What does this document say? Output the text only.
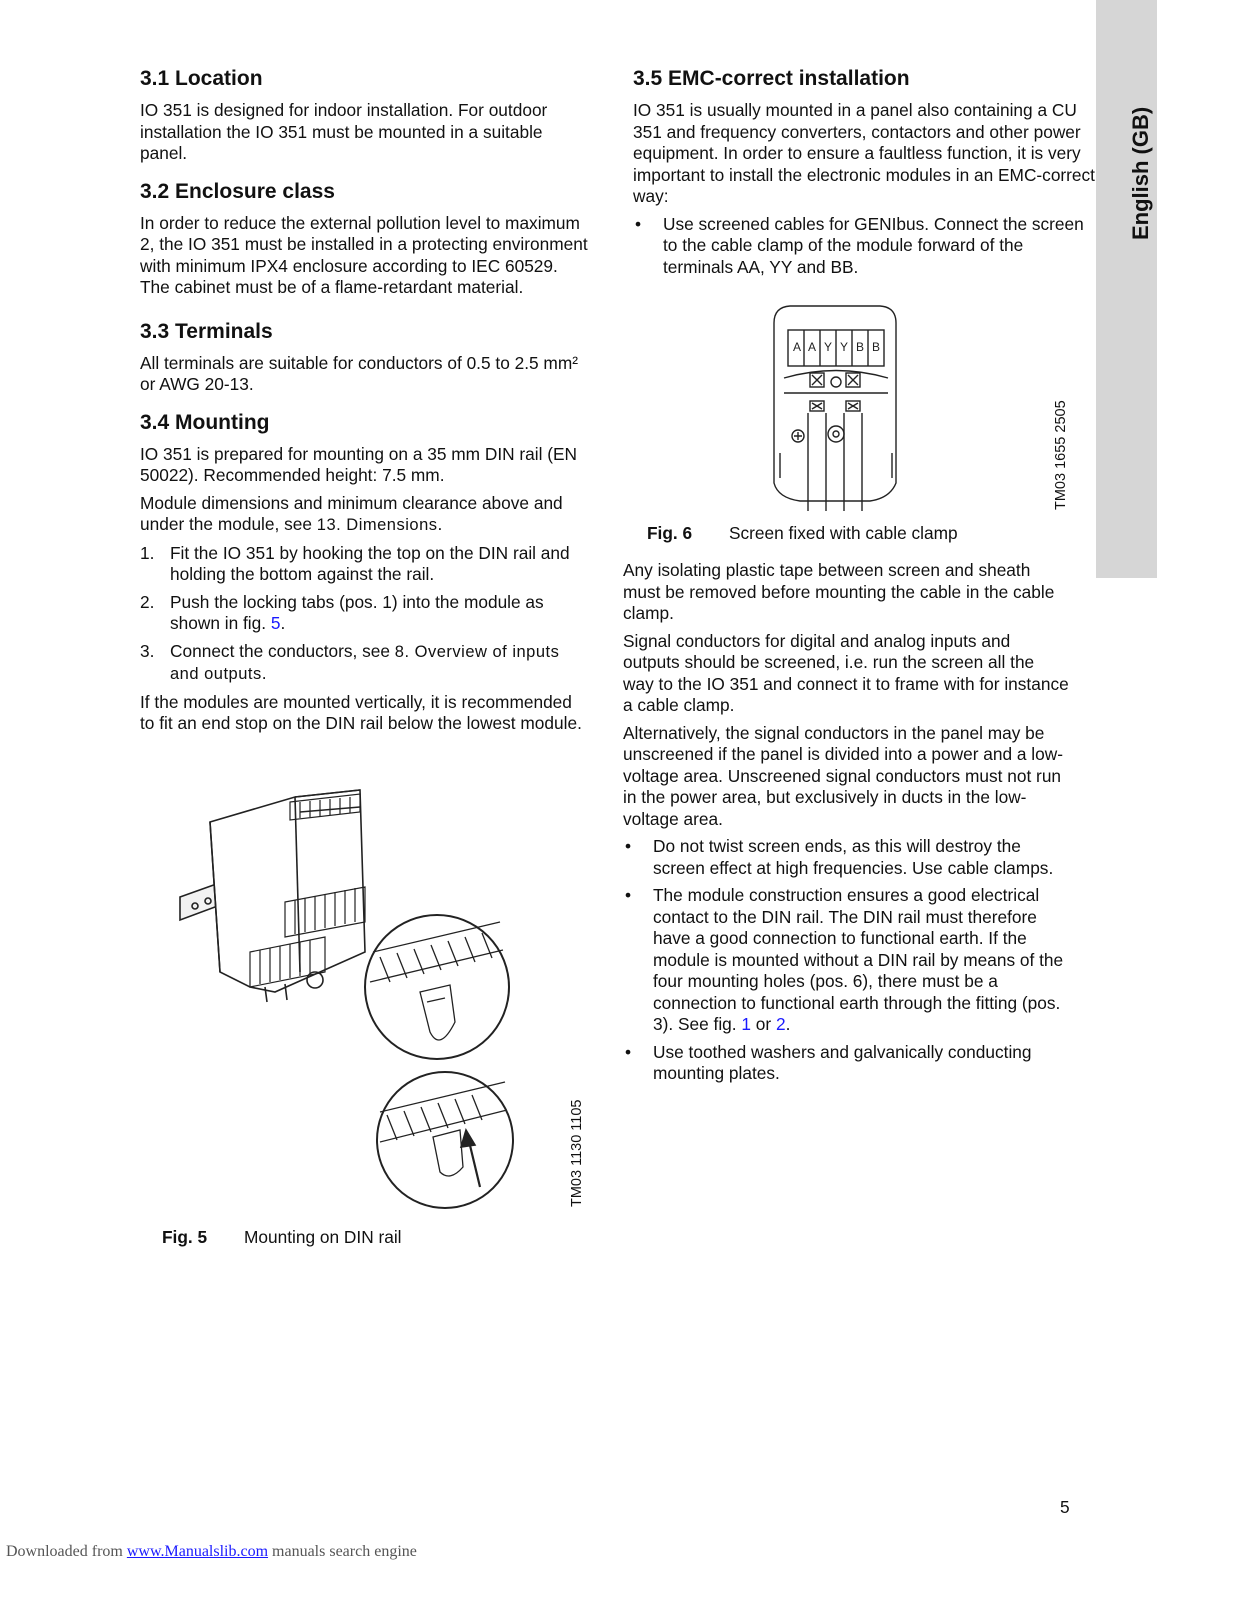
English (GB)
3.1 Location

IO 351 is designed for indoor installation. For outdoor installation the IO 351 must be mounted in a suitable panel.

3.2 Enclosure class

In order to reduce the external pollution level to maximum 2, the IO 351 must be installed in a protecting environment with minimum IPX4 enclosure according to IEC 60529. The cabinet must be of a flame-retardant material.

3.3 Terminals

All terminals are suitable for conductors of 0.5 to 2.5 mm² or AWG 20-13.

3.4 Mounting

IO 351 is prepared for mounting on a 35 mm DIN rail (EN 50022). Recommended height: 7.5 mm.

Module dimensions and minimum clearance above and under the module, see 13. Dimensions.

1. Fit the IO 351 by hooking the top on the DIN rail and holding the bottom against the rail.
2. Push the locking tabs (pos. 1) into the module as shown in fig. 5.
3. Connect the conductors, see 8. Overview of inputs and outputs.

If the modules are mounted vertically, it is recommended to fit an end stop on the DIN rail below the lowest module.

TM03 1130 1105
Fig. 5 Mounting on DIN rail
3.5 EMC-correct installation

IO 351 is usually mounted in a panel also containing a CU 351 and frequency converters, contactors and other power equipment. In order to ensure a faultless function, it is very important to install the electronic modules in an EMC-correct way:

• Use screened cables for GENIbus. Connect the screen to the cable clamp of the module forward of the terminals AA, YY and BB.
A A Y Y B B
TM03 1655 2505
Fig. 6 Screen fixed with cable clamp

Any isolating plastic tape between screen and sheath must be removed before mounting the cable in the cable clamp.

Signal conductors for digital and analog inputs and outputs should be screened, i.e. run the screen all the way to the IO 351 and connect it to frame with for instance a cable clamp.

Alternatively, the signal conductors in the panel may be unscreened if the panel is divided into a power and a low-voltage area. Unscreened signal conductors must not run in the power area, but exclusively in ducts in the low-voltage area.

• Do not twist screen ends, as this will destroy the screen effect at high frequencies. Use cable clamps.
• The module construction ensures a good electrical contact to the DIN rail. The DIN rail must therefore have a good connection to functional earth. If the module is mounted without a DIN rail by means of the four mounting holes (pos. 6), there must be a connection to functional earth through the fitting (pos. 3). See fig. 1 or 2.
• Use toothed washers and galvanically conducting mounting plates.
5
Downloaded from www.Manualslib.com manuals search engine
